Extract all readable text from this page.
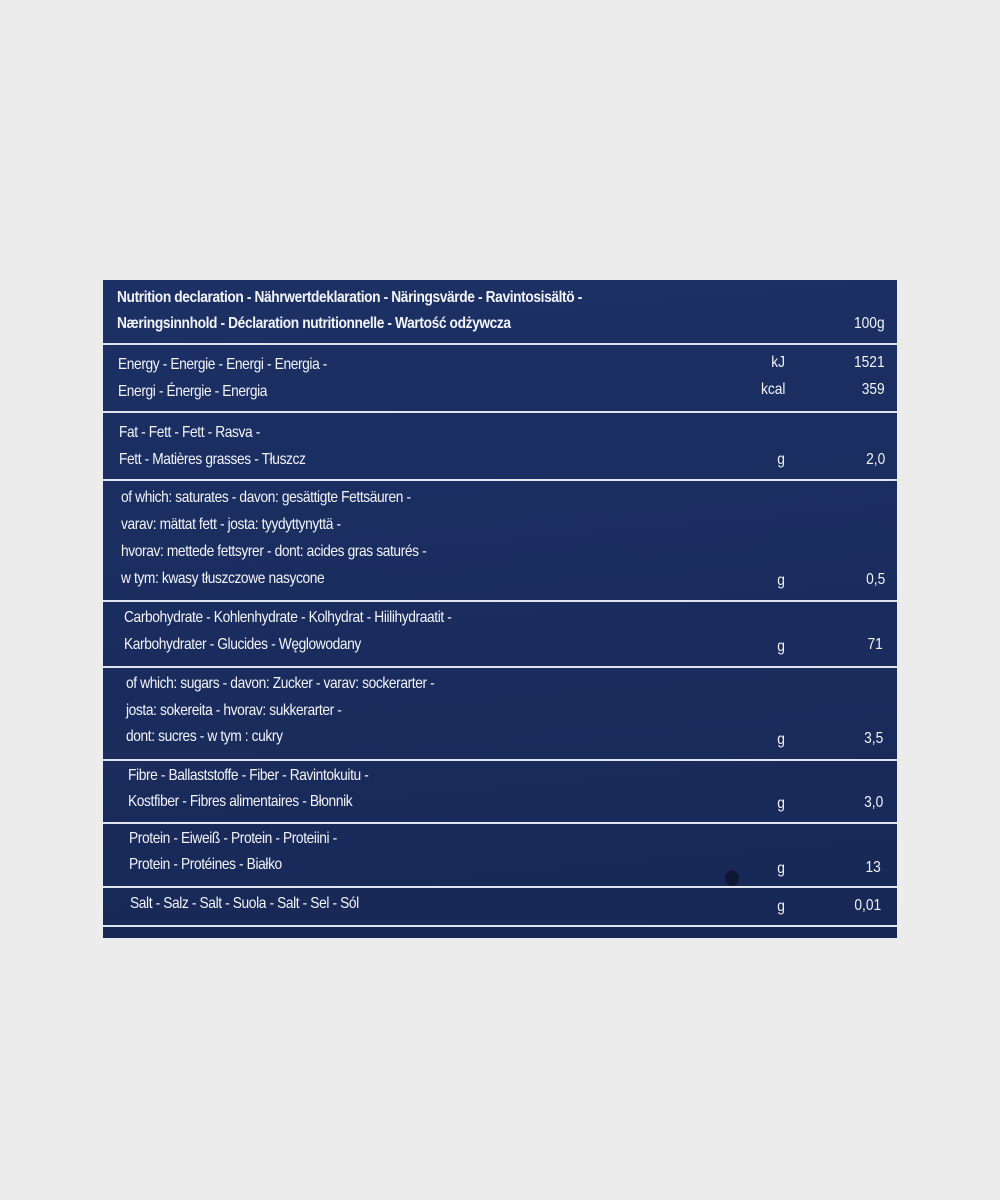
Nutrition declaration - Nährwertdeklaration - Näringsvärde - Ravintosisältö -
Næringsinnhold - Déclaration nutritionnelle - Wartość odżywcza	100g
Energy - Energie - Energi - Energia -
Energi - Énergie - Energia
kJ	1521
kcal	359
Fat - Fett - Fett - Rasva -
Fett - Matières grasses - Tłuszcz	g	2,0
of which: saturates - davon: gesättigte Fettsäuren -
varav: mättat fett - josta: tyydyttynyttä -
hvorav: mettede fettsyrer - dont: acides gras saturés -
w tym: kwasy tłuszczowe nasycone	g	0,5
Carbohydrate - Kohlenhydrate - Kolhydrat - Hiilihydraatit -
Karbohydrater - Glucides - Węglowodany	g	71
of which: sugars - davon: Zucker - varav: sockerarter -
josta: sokereita - hvorav: sukkerarter -
dont: sucres - w tym : cukry	g	3,5
Fibre - Ballaststoffe - Fiber - Ravintokuitu -
Kostfiber - Fibres alimentaires - Błonnik	g	3,0
Protein - Eiweiß - Protein - Proteiini -
Protein - Protéines - Białko	g	13
Salt - Salz - Salt - Suola - Salt - Sel - Sól	g	0,01
